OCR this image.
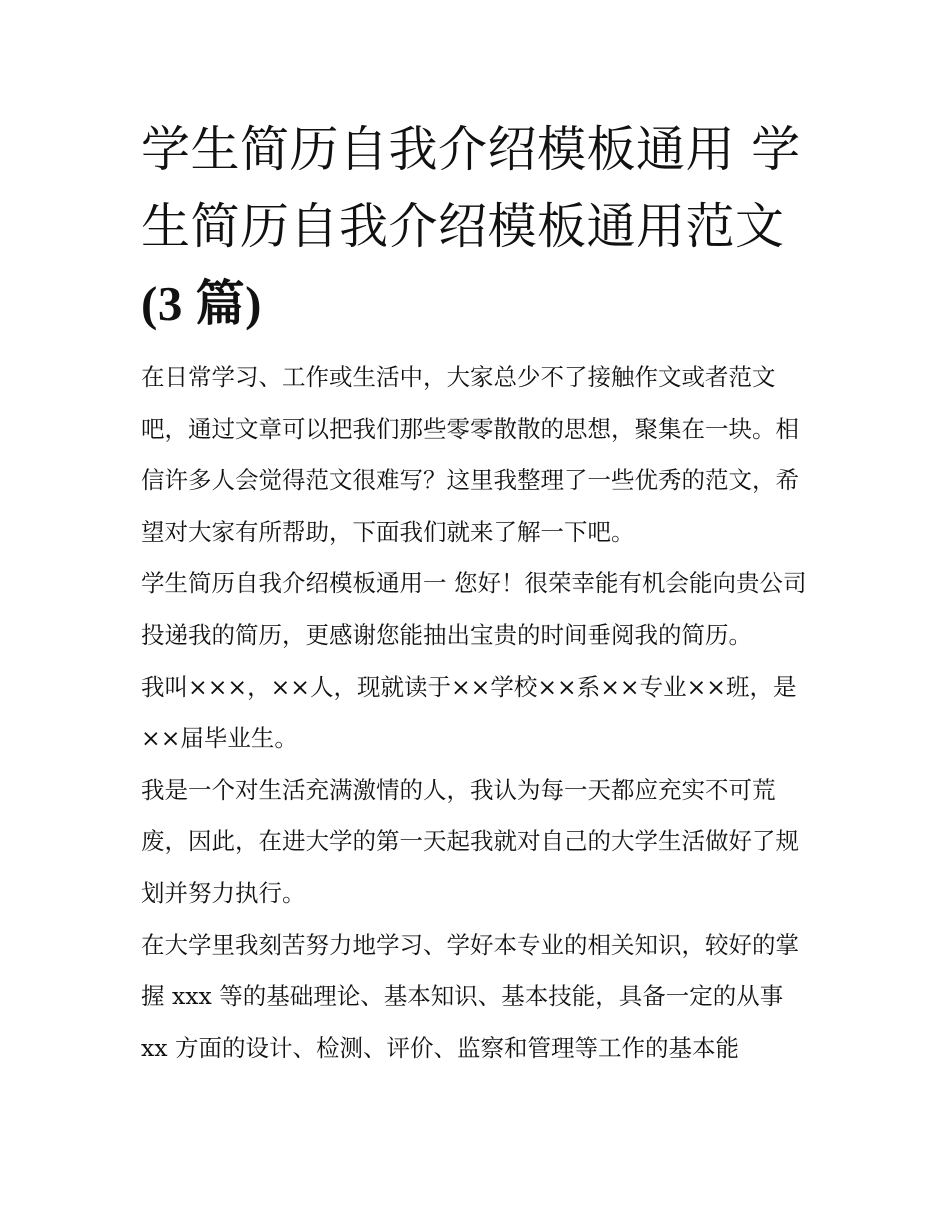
学生简历自我介绍模板通用 学
生简历自我介绍模板通用范文
(3 篇)

在日常学习、工作或生活中，大家总少不了接触作文或者范文吧，通过文章可以把我们那些零零散散的思想，聚集在一块。相信许多人会觉得范文很难写？这里我整理了一些优秀的范文，希望对大家有所帮助，下面我们就来了解一下吧。

学生简历自我介绍模板通用一 您好！很荣幸能有机会能向贵公司投递我的简历，更感谢您能抽出宝贵的时间垂阅我的简历。

我叫×××，××人，现就读于××学校××系××专业××班，是××届毕业生。

我是一个对生活充满激情的人，我认为每一天都应充实不可荒废，因此，在进大学的第一天起我就对自己的大学生活做好了规划并努力执行。

在大学里我刻苦努力地学习、学好本专业的相关知识，较好的掌握 xxx 等的基础理论、基本知识、基本技能，具备一定的从事 xx 方面的设计、检测、评价、监察和管理等工作的基本能
